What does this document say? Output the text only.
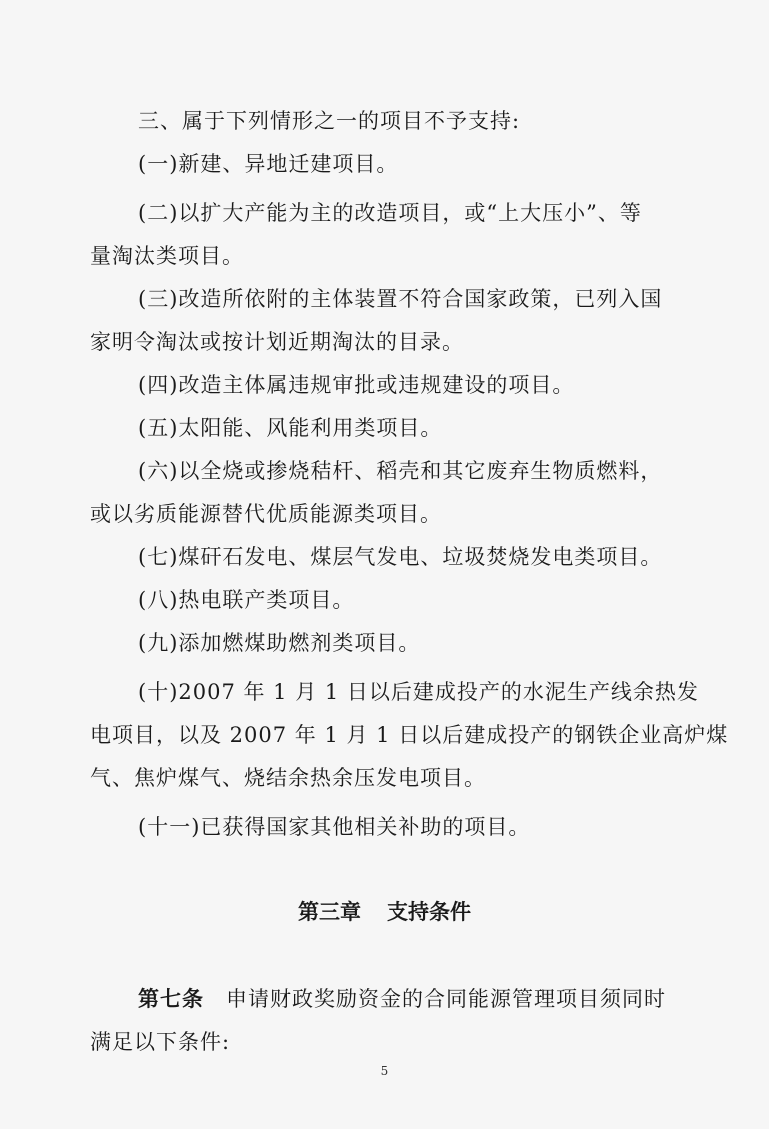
三、属于下列情形之一的项目不予支持:
(一)新建、异地迁建项目。
(二)以扩大产能为主的改造项目，或“上大压小”、等
量淘汰类项目。
(三)改造所依附的主体装置不符合国家政策，已列入国
家明令淘汰或按计划近期淘汰的目录。
(四)改造主体属违规审批或违规建设的项目。
(五)太阳能、风能利用类项目。
(六)以全烧或掺烧秸杆、稻壳和其它废弃生物质燃料，
或以劣质能源替代优质能源类项目。
(七)煤矸石发电、煤层气发电、垃圾焚烧发电类项目。
(八)热电联产类项目。
(九)添加燃煤助燃剂类项目。
(十)2007 年 1 月 1 日以后建成投产的水泥生产线余热发
电项目，以及 2007 年 1 月 1 日以后建成投产的钢铁企业高炉煤
气、焦炉煤气、烧结余热余压发电项目。
(十一)已获得国家其他相关补助的项目。
第三章 支持条件
第七条 申请财政奖励资金的合同能源管理项目须同时
满足以下条件:
5
